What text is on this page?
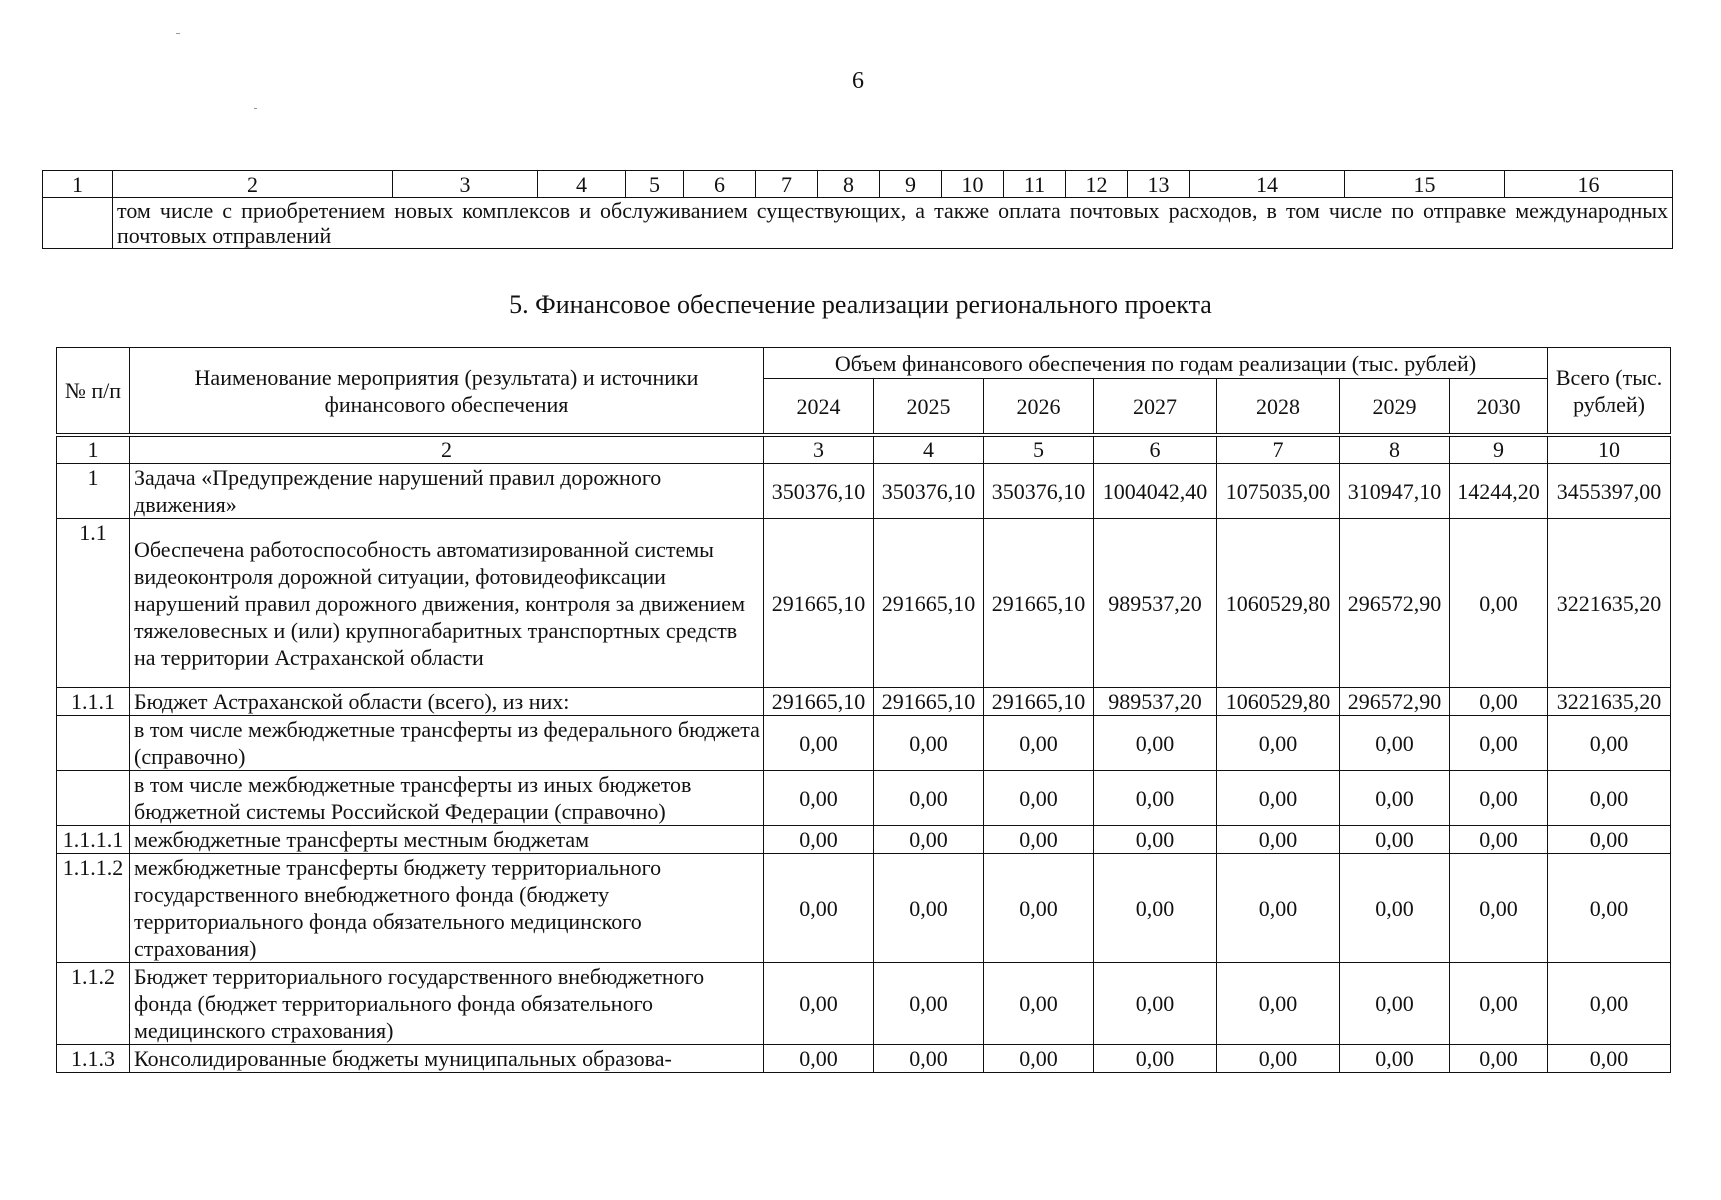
6
1	2	3	4	5	6	7	8	9	10	11	12	13	14	15	16
	том числе с приобретением новых комплексов и обслуживанием существующих, а также оплата почтовых расходов, в том числе по отправке международных почтовых отправлений														
5. Финансовое обеспечение реализации регионального проекта
№ п/п	Наименование мероприятия (результата) и источники финансового обеспечения	Объем финансового обеспечения по годам реализации (тыс. рублей)							Всего (тыс. рублей)
		2024	2025	2026	2027	2028	2029	2030	
1	2	3	4	5	6	7	8	9	10
1	Задача «Предупреждение нарушений правил дорожного движения»	350376,10	350376,10	350376,10	1004042,40	1075035,00	310947,10	14244,20	3455397,00
1.1	Обеспечена работоспособность автоматизированной системы видеоконтроля дорожной ситуации, фотовидеофиксации нарушений правил дорожного движения, контроля за движением тяжеловесных и (или) крупногабаритных транспортных средств на территории Астраханской области	291665,10	291665,10	291665,10	989537,20	1060529,80	296572,90	0,00	3221635,20
1.1.1	Бюджет Астраханской области (всего), из них:	291665,10	291665,10	291665,10	989537,20	1060529,80	296572,90	0,00	3221635,20
	в том числе межбюджетные трансферты из федерального бюджета (справочно)	0,00	0,00	0,00	0,00	0,00	0,00	0,00	0,00
	в том числе межбюджетные трансферты из иных бюджетов бюджетной системы Российской Федерации (справочно)	0,00	0,00	0,00	0,00	0,00	0,00	0,00	0,00
1.1.1.1	межбюджетные трансферты местным бюджетам	0,00	0,00	0,00	0,00	0,00	0,00	0,00	0,00
1.1.1.2	межбюджетные трансферты бюджету территориального государственного внебюджетного фонда (бюджету территориального фонда обязательного медицинского страхования)	0,00	0,00	0,00	0,00	0,00	0,00	0,00	0,00
1.1.2	Бюджет территориального государственного внебюджетного фонда (бюджет территориального фонда обязательного медицинского страхования)	0,00	0,00	0,00	0,00	0,00	0,00	0,00	0,00
1.1.3	Консолидированные бюджеты муниципальных образова-	0,00	0,00	0,00	0,00	0,00	0,00	0,00	0,00
